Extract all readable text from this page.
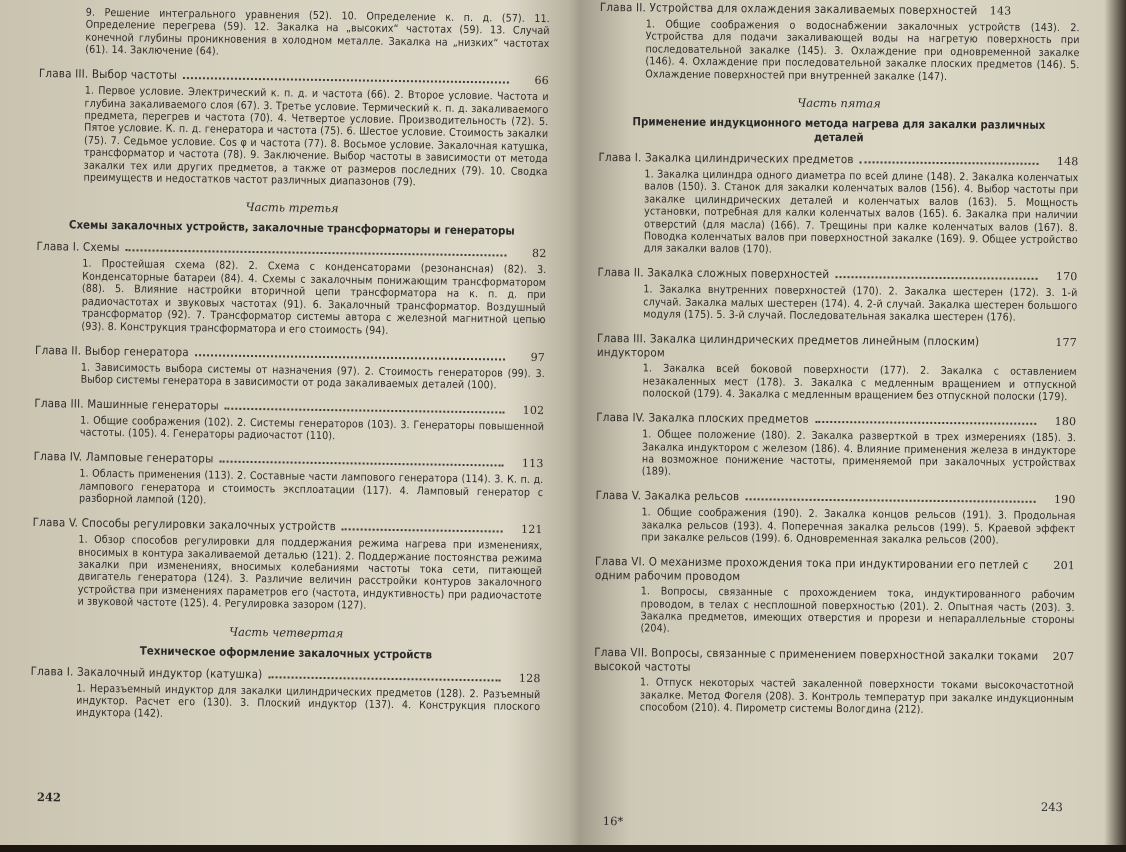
9. Решение интегрального уравнения (52). 10. Определение к. п. д. (57). 11. Определение перегрева (59). 12. Закалка на „высоких“ частотах (59). 13. Случай конечной глубины проникновения в холодном металле. Закалка на „низких“ частотах (61). 14. Заключение (64).

Глава III. Выбор частоты	66

1. Первое условие. Электрический к. п. д. и частота (66). 2. Второе условие. Частота и глубина закаливаемого слоя (67). 3. Третье условие. Термический к. п. д. закаливаемого предмета, перегрев и частота (70). 4. Четвертое условие. Производительность (72). 5. Пятое условие. К. п. д. генератора и частота (75). 6. Шестое условие. Стоимость закалки (75). 7. Седьмое условие. Cos φ и частота (77). 8. Восьмое условие. Закалочная катушка, трансформатор и частота (78). 9. Заключение. Выбор частоты в зависимости от метода закалки тех или других предметов, а также от размеров последних (79). 10. Сводка преимуществ и недостатков частот различных диапазонов (79).

Часть третья
Схемы закалочных устройств, закалочные трансформаторы и генераторы
Глава I. Схемы	82

1. Простейшая схема (82). 2. Схема с конденсаторами (резонансная) (82). 3. Конденсаторные батареи (84). 4. Схемы с закалочным понижающим трансформатором (88). 5. Влияние настройки вторичной цепи трансформатора на к. п. д. при радиочастотах и звуковых частотах (91). 6. Закалочный трансформатор. Воздушный трансформатор (92). 7. Трансформатор системы автора с железной магнитной цепью (93). 8. Конструкция трансформатора и его стоимость (94).

Глава II. Выбор генератора	97

1. Зависимость выбора системы от назначения (97). 2. Стоимость генераторов (99). 3. Выбор системы генератора в зависимости от рода закаливаемых деталей (100).

Глава III. Машинные генераторы	102

1. Общие соображения (102). 2. Системы генераторов (103). 3. Генераторы повышенной частоты. (105). 4. Генераторы радиочастот (110).

Глава IV. Ламповые генераторы	113

1. Область применения (113). 2. Составные части лампового генератора (114). 3. К. п. д. лампового генератора и стоимость эксплоатации (117). 4. Ламповый генератор с разборной лампой (120).

Глава V. Способы регулировки закалочных устройств	121

1. Обзор способов регулировки для поддержания режима нагрева при изменениях, вносимых в контура закаливаемой деталью (121). 2. Поддержание постоянства режима закалки при изменениях, вносимых колебаниями частоты тока сети, питающей двигатель генератора (124). 3. Различие величин расстройки контуров закалочного устройства при изменениях параметров его (частота, индуктивность) при радиочастоте и звуковой частоте (125). 4. Регулировка зазором (127).

Часть четвертая
Техническое оформление закалочных устройств
Глава I. Закалочный индуктор (катушка)	128

1. Неразъемный индуктор для закалки цилиндрических предметов (128). 2. Разъемный индуктор. Расчет его (130). 3. Плоский индуктор (137). 4. Конструкция плоского индуктора (142).

242
Глава II. Устройства для охлаждения закаливаемых поверхностей	143

1. Общие соображения о водоснабжении закалочных устройств (143). 2. Устройства для подачи закаливающей воды на нагретую поверхность при последовательной закалке (145). 3. Охлаждение при одновременной закалке (146). 4. Охлаждение при последовательной закалке плоских предметов (146). 5. Охлаждение поверхностей при внутренней закалке (147).

Часть пятая
Применение индукционного метода нагрева для закалки различных деталей
Глава I. Закалка цилиндрических предметов	148

1. Закалка цилиндра одного диаметра по всей длине (148). 2. Закалка коленчатых валов (150). 3. Станок для закалки коленчатых валов (156). 4. Выбор частоты при закалке цилиндрических деталей и коленчатых валов (163). 5. Мощность установки, потребная для калки коленчатых валов (165). 6. Закалка при наличии отверстий (для масла) (166). 7. Трещины при калке коленчатых валов (167). 8. Поводка коленчатых валов при поверхностной закалке (169). 9. Общее устройство для закалки валов (170).

Глава II. Закалка сложных поверхностей	170

1. Закалка внутренних поверхностей (170). 2. Закалка шестерен (172). 3. 1-й случай. Закалка малых шестерен (174). 4. 2-й случай. Закалка шестерен большого модуля (175). 5. 3-й случай. Последовательная закалка шестерен (176).

Глава III. Закалка цилиндрических предметов линейным (плоским) индуктором
177

1. Закалка всей боковой поверхности (177). 2. Закалка с оставлением незакаленных мест (178). 3. Закалка с медленным вращением и отпускной полоской (179). 4. Закалка с медленным вращением без отпускной полоски (179).

Глава IV. Закалка плоских предметов	180

1. Общее положение (180). 2. Закалка разверткой в трех измерениях (185). 3. Закалка индуктором с железом (186). 4. Влияние применения железа в индукторе на возможное понижение частоты, применяемой при закалочных устройствах (189).

Глава V. Закалка рельсов	190

1. Общие соображения (190). 2. Закалка концов рельсов (191). 3. Продольная закалка рельсов (193). 4. Поперечная закалка рельсов (199). 5. Краевой эффект при закалке рельсов (199). 6. Одновременная закалка рельсов (200).

Глава VI. О механизме прохождения тока при индуктировании его петлей с одним рабочим проводом
201

1. Вопросы, связанные с прохождением тока, индуктированного рабочим проводом, в телах с несплошной поверхностью (201). 2. Опытная часть (203). 3. Закалка предметов, имеющих отверстия и прорези и непараллельные стороны (204).

Глава VII. Вопросы, связанные с применением поверхностной закалки токами высокой частоты
207

1. Отпуск некоторых частей закаленной поверхности токами высокочастотной закалке. Метод Фогеля (208). 3. Контроль температур при закалке индукционным способом (210). 4. Пирометр системы Вологдина (212).

16*
243
